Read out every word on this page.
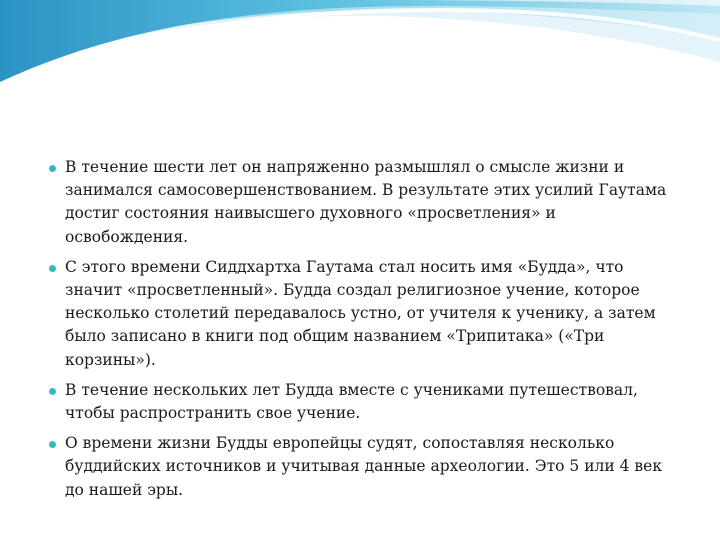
В течение шести лет он напряженно размышлял о смысле жизни и занимался самосовершенствованием. В результате этих усилий Гаутама достиг состояния наивысшего духовного «просветления» и освобождения.
С этого времени Сиддхартха Гаутама стал носить имя «Будда», что значит «просветленный». Будда создал религиозное учение, которое несколько столетий передавалось устно, от учителя к ученику, а затем было записано в книги под общим названием «Трипитака» («Три корзины»).
В течение нескольких лет Будда вместе с учениками путешествовал, чтобы распространить свое учение.
О времени жизни Будды европейцы судят, сопоставляя несколько буддийских источников и учитывая данные археологии. Это 5 или 4 век до нашей эры.
